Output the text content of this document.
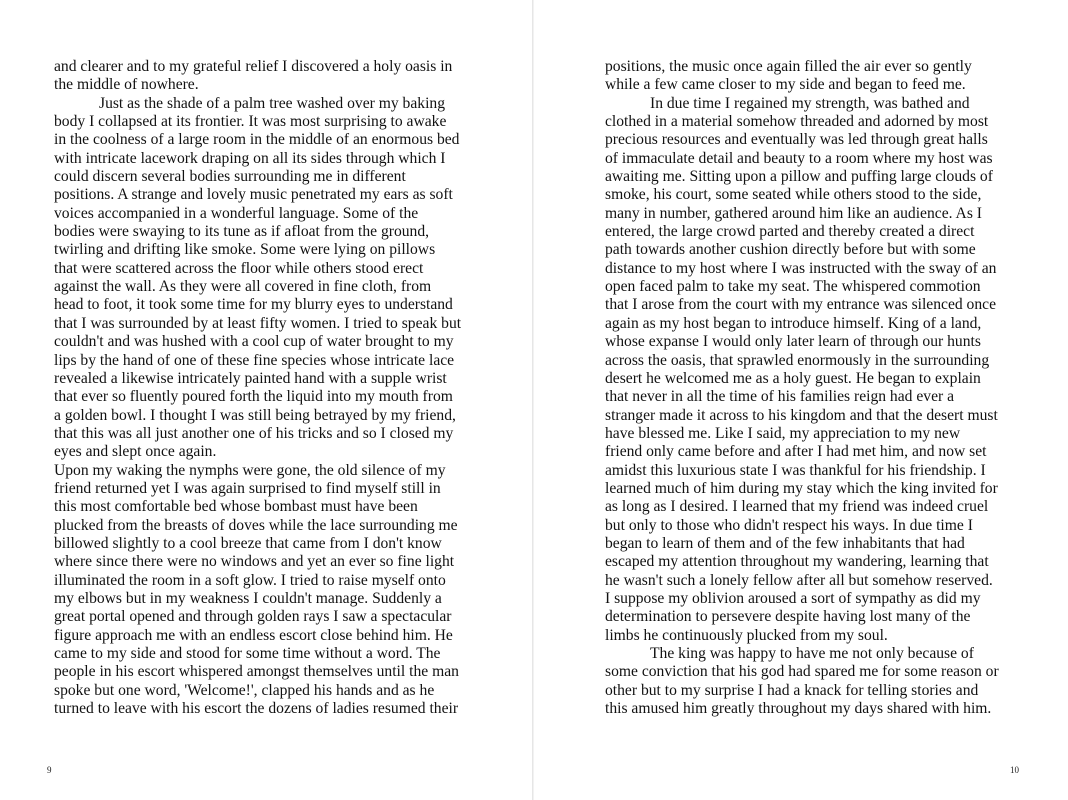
and clearer and to my grateful relief I discovered a holy oasis in
the middle of nowhere.
Just as the shade of a palm tree washed over my baking
body I collapsed at its frontier. It was most surprising to awake
in the coolness of a large room in the middle of an enormous bed
with intricate lacework draping on all its sides through which I
could discern several bodies surrounding me in different
positions. A strange and lovely music penetrated my ears as soft
voices accompanied in a wonderful language. Some of the
bodies were swaying to its tune as if afloat from the ground,
twirling and drifting like smoke. Some were lying on pillows
that were scattered across the floor while others stood erect
against the wall. As they were all covered in fine cloth, from
head to foot, it took some time for my blurry eyes to understand
that I was surrounded by at least fifty women. I tried to speak but
couldn't and was hushed with a cool cup of water brought to my
lips by the hand of one of these fine species whose intricate lace
revealed a likewise intricately painted hand with a supple wrist
that ever so fluently poured forth the liquid into my mouth from
a golden bowl. I thought I was still being betrayed by my friend,
that this was all just another one of his tricks and so I closed my
eyes and slept once again.
Upon my waking the nymphs were gone, the old silence of my
friend returned yet I was again surprised to find myself still in
this most comfortable bed whose bombast must have been
plucked from the breasts of doves while the lace surrounding me
billowed slightly to a cool breeze that came from I don't know
where since there were no windows and yet an ever so fine light
illuminated the room in a soft glow. I tried to raise myself onto
my elbows but in my weakness I couldn't manage. Suddenly a
great portal opened and through golden rays I saw a spectacular
figure approach me with an endless escort close behind him. He
came to my side and stood for some time without a word. The
people in his escort whispered amongst themselves until the man
spoke but one word, 'Welcome!', clapped his hands and as he
turned to leave with his escort the dozens of ladies resumed their
9
positions, the music once again filled the air ever so gently
while a few came closer to my side and began to feed me.
In due time I regained my strength, was bathed and
clothed in a material somehow threaded and adorned by most
precious resources and eventually was led through great halls
of immaculate detail and beauty to a room where my host was
awaiting me. Sitting upon a pillow and puffing large clouds of
smoke, his court, some seated while others stood to the side,
many in number, gathered around him like an audience. As I
entered, the large crowd parted and thereby created a direct
path towards another cushion directly before but with some
distance to my host where I was instructed with the sway of an
open faced palm to take my seat. The whispered commotion
that I arose from the court with my entrance was silenced once
again as my host began to introduce himself. King of a land,
whose expanse I would only later learn of through our hunts
across the oasis, that sprawled enormously in the surrounding
desert he welcomed me as a holy guest. He began to explain
that never in all the time of his families reign had ever a
stranger made it across to his kingdom and that the desert must
have blessed me. Like I said, my appreciation to my new
friend only came before and after I had met him, and now set
amidst this luxurious state I was thankful for his friendship. I
learned much of him during my stay which the king invited for
as long as I desired. I learned that my friend was indeed cruel
but only to those who didn't respect his ways. In due time I
began to learn of them and of the few inhabitants that had
escaped my attention throughout my wandering, learning that
he wasn't such a lonely fellow after all but somehow reserved.
I suppose my oblivion aroused a sort of sympathy as did my
determination to persevere despite having lost many of the
limbs he continuously plucked from my soul.
The king was happy to have me not only because of
some conviction that his god had spared me for some reason or
other but to my surprise I had a knack for telling stories and
this amused him greatly throughout my days shared with him.
10
